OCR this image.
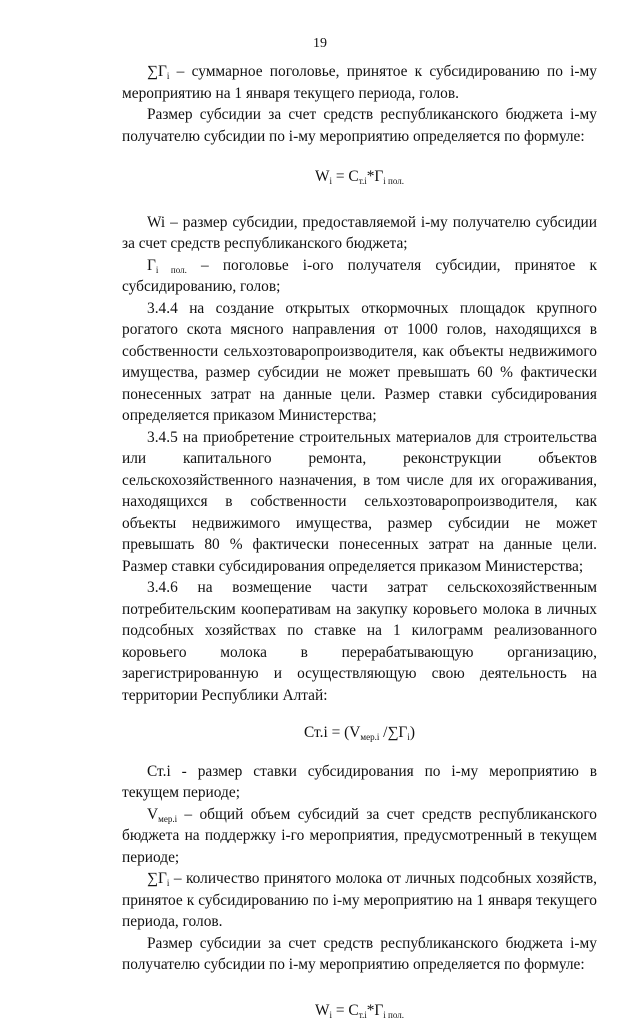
19

$\sum Г_i$ – суммарное поголовье, принятое к субсидированию по i-му мероприятию на 1 января текущего периода, голов.

Размер субсидии за счет средств республиканского бюджета i-му получателю субсидии по i-му мероприятию определяется по формуле:

$W_i = С_{т.i}*Г_{i пол.}$

Wi – размер субсидии, предоставляемой i-му получателю субсидии за счет средств республиканского бюджета;

$Г_{i пол.}$ – поголовье i-ого получателя субсидии, принятое к субсидированию, голов;

3.4.4 на создание открытых откормочных площадок крупного рогатого скота мясного направления от 1000 голов, находящихся в собственности сельхозтоваропроизводителя, как объекты недвижимого имущества, размер субсидии не может превышать 60 % фактически понесенных затрат на данные цели. Размер ставки субсидирования определяется приказом Министерства;

3.4.5 на приобретение строительных материалов для строительства или капитального ремонта, реконструкции объектов сельскохозяйственного назначения, в том числе для их огораживания, находящихся в собственности сельхозтоваропроизводителя, как объекты недвижимого имущества, размер субсидии не может превышать 80 % фактически понесенных затрат на данные цели. Размер ставки субсидирования определяется приказом Министерства;

3.4.6 на возмещение части затрат сельскохозяйственным потребительским кооперативам на закупку коровьего молока в личных подсобных хозяйствах по ставке на 1 килограмм реализованного коровьего молока в перерабатывающую организацию, зарегистрированную и осуществляющую свою деятельность на территории Республики Алтай:

$Ст.i = (V_{мер.i}$ $/\sum Г_i$)

Ст.i - размер ставки субсидирования по i-му мероприятию в текущем периоде;

$V_{мер.i}$ – общий объем субсидий за счет средств республиканского бюджета на поддержку i-го мероприятия, предусмотренный в текущем периоде;

$\sum Г_i$ – количество принятого молока от личных подсобных хозяйств, принятое к субсидированию по i-му мероприятию на 1 января текущего периода, голов.

Размер субсидии за счет средств республиканского бюджета i-му получателю субсидии по i-му мероприятию определяется по формуле:

$W_i = С_{т.i}*Г_{i пол.}$
